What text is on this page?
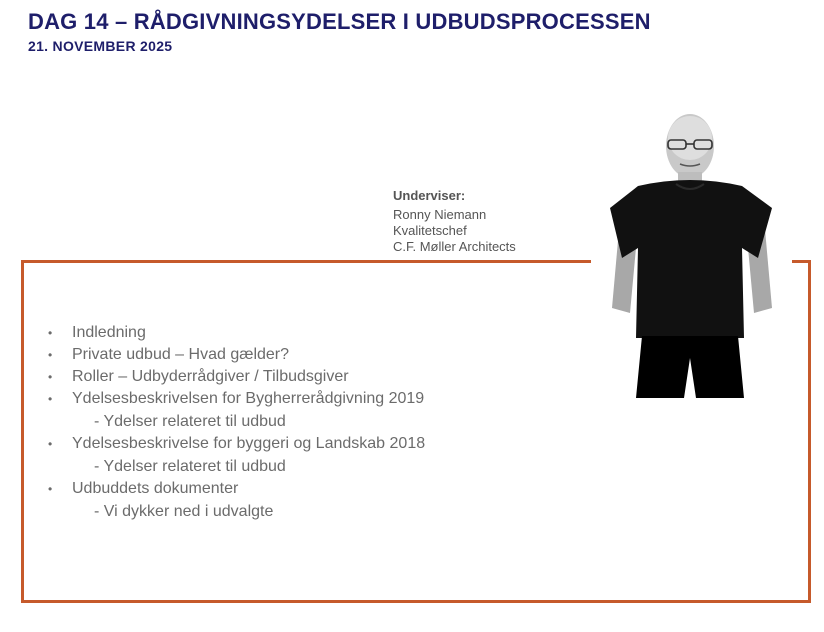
DAG 14 – RÅDGIVNINGSYDELSER I UDBUDSPROCESSEN
21. NOVEMBER 2025
Underviser:
Ronny Niemann
Kvalitetschef
C.F. Møller Architects
• Indledning
• Private udbud – Hvad gælder?
• Roller – Udbyderrådgiver / Tilbudsgiver
• Ydelsesbeskrivelsen for Bygherrerådgivning 2019
- Ydelser relateret til udbud
• Ydelsesbeskrivelse for byggeri og Landskab 2018
- Ydelser relateret til udbud
• Udbuddets dokumenter
- Vi dykker ned i udvalgte
